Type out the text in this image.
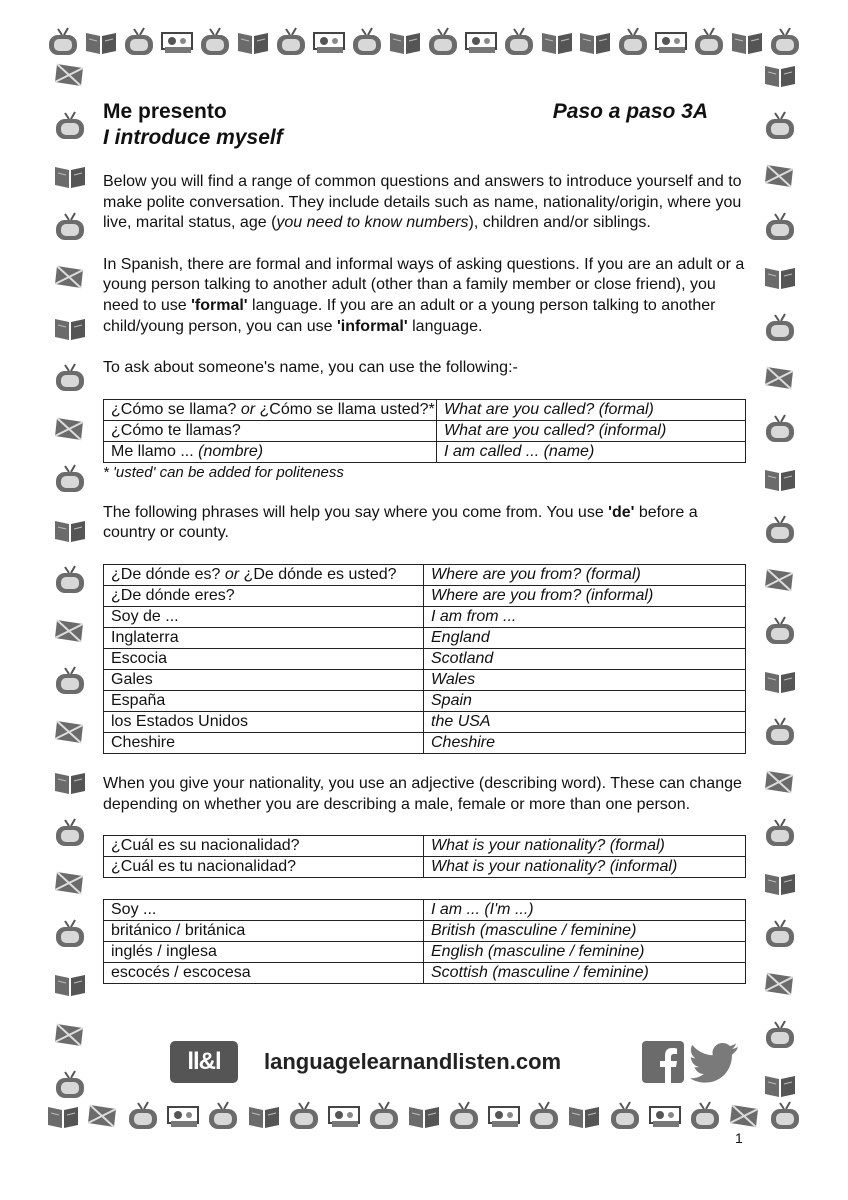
Me presento	Paso a paso 3A
I introduce myself

Below you will find a range of common questions and answers to introduce yourself and to make polite conversation. They include details such as name, nationality/origin, where you live, marital status, age (you need to know numbers), children and/or siblings.

In Spanish, there are formal and informal ways of asking questions. If you are an adult or a young person talking to another adult (other than a family member or close friend), you need to use 'formal' language. If you are an adult or a young person talking to another child/young person, you can use 'informal' language.

To ask about someone's name, you can use the following:-

¿Cómo se llama? or ¿Cómo se llama usted?*	What are you called? (formal)
¿Cómo te llamas?	What are you called? (informal)
Me llamo ... (nombre)	I am called ... (name)
* 'usted' can be added for politeness

The following phrases will help you say where you come from. You use 'de' before a country or county.

¿De dónde es? or ¿De dónde es usted?	Where are you from? (formal)
¿De dónde eres?	Where are you from? (informal)
Soy de ...	I am from ...
Inglaterra	England
Escocia	Scotland
Gales	Wales
España	Spain
los Estados Unidos	the USA
Cheshire	Cheshire

When you give your nationality, you use an adjective (describing word). These can change depending on whether you are describing a male, female or more than one person.

¿Cuál es su nacionalidad?	What is your nationality? (formal)
¿Cuál es tu nacionalidad?	What is your nationality? (informal)
Soy ...	I am ... (I'm ...)
británico / británica	British (masculine / feminine)
inglés / inglesa	English (masculine / feminine)
escocés / escocesa	Scottish (masculine / feminine)
ll&l	languagelearnandlisten.com
1
